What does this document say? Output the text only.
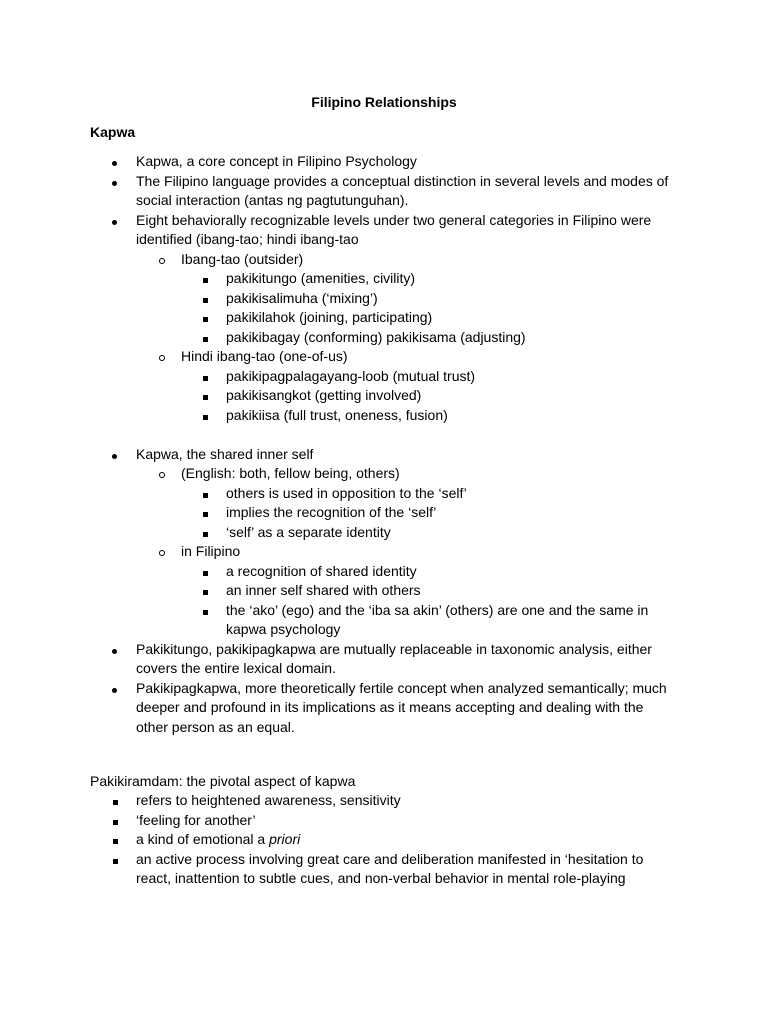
Filipino Relationships
Kapwa
Kapwa, a core concept in Filipino Psychology
The Filipino language provides a conceptual distinction in several levels and modes of social interaction (antas ng pagtutunguhan).
Eight behaviorally recognizable levels under two general categories in Filipino were identified (ibang-tao; hindi ibang-tao
Ibang-tao (outsider)
pakikitungo (amenities, civility)
pakikisalimuha (‘mixing’)
pakikilahok (joining, participating)
pakikibagay (conforming) pakikisama (adjusting)
Hindi ibang-tao (one-of-us)
pakikipagpalagayang-loob (mutual trust)
pakikisangkot (getting involved)
pakikiisa (full trust, oneness, fusion)
Kapwa, the shared inner self
(English: both, fellow being, others)
others is used in opposition to the ‘self’
implies the recognition of the ‘self’
‘self’ as a separate identity
in Filipino
a recognition of shared identity
an inner self shared with others
the ‘ako’ (ego) and the ‘iba sa akin’ (others) are one and the same in kapwa psychology
Pakikitungo, pakikipagkapwa are mutually replaceable in taxonomic analysis, either covers the entire lexical domain.
Pakikipagkapwa, more theoretically fertile concept when analyzed semantically; much deeper and profound in its implications as it means accepting and dealing with the other person as an equal.
Pakikiramdam: the pivotal aspect of kapwa
refers to heightened awareness, sensitivity
‘feeling for another’
a kind of emotional a priori
an active process involving great care and deliberation manifested in ‘hesitation to react, inattention to subtle cues, and non-verbal behavior in mental role-playing
